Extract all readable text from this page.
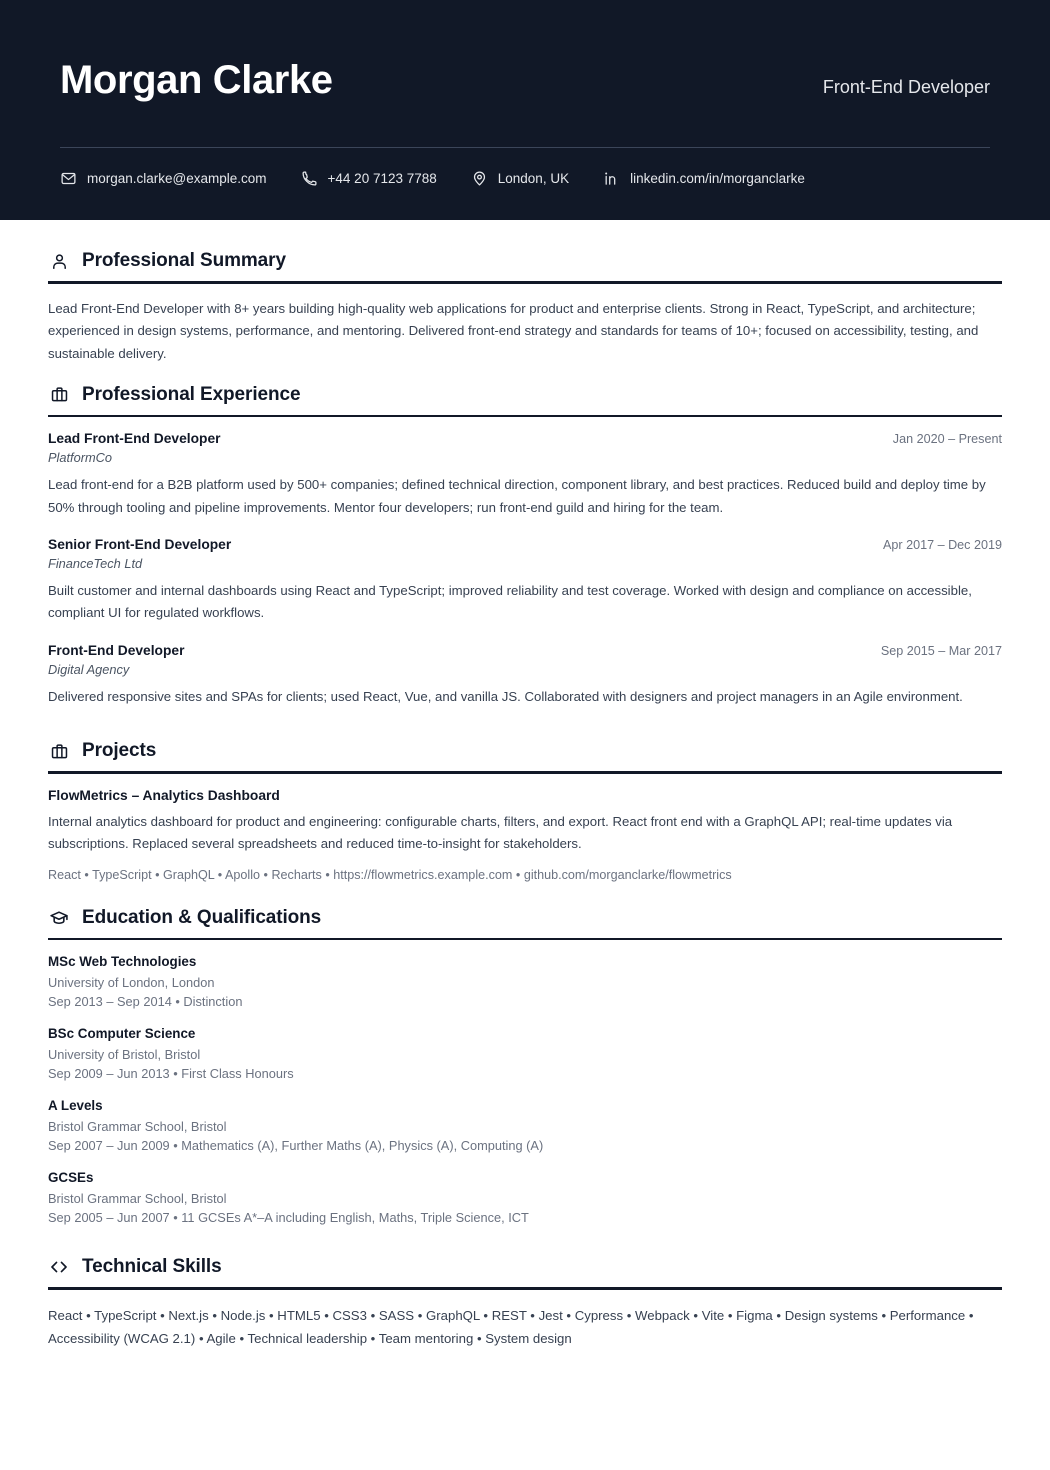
Morgan Clarke	Front-End Developer
morgan.clarke@example.com	+44 20 7123 7788	London, UK	linkedin.com/in/morganclarke
Professional Summary
Lead Front-End Developer with 8+ years building high-quality web applications for product and enterprise clients. Strong in React, TypeScript, and architecture; experienced in design systems, performance, and mentoring. Delivered front-end strategy and standards for teams of 10+; focused on accessibility, testing, and sustainable delivery.
Professional Experience
Lead Front-End Developer	Jan 2020 – Present
PlatformCo
Lead front-end for a B2B platform used by 500+ companies; defined technical direction, component library, and best practices. Reduced build and deploy time by 50% through tooling and pipeline improvements. Mentor four developers; run front-end guild and hiring for the team.
Senior Front-End Developer	Apr 2017 – Dec 2019
FinanceTech Ltd
Built customer and internal dashboards using React and TypeScript; improved reliability and test coverage. Worked with design and compliance on accessible, compliant UI for regulated workflows.
Front-End Developer	Sep 2015 – Mar 2017
Digital Agency
Delivered responsive sites and SPAs for clients; used React, Vue, and vanilla JS. Collaborated with designers and project managers in an Agile environment.
Projects
FlowMetrics – Analytics Dashboard
Internal analytics dashboard for product and engineering: configurable charts, filters, and export. React front end with a GraphQL API; real-time updates via subscriptions. Replaced several spreadsheets and reduced time-to-insight for stakeholders.
React • TypeScript • GraphQL • Apollo • Recharts • https://flowmetrics.example.com • github.com/morganclarke/flowmetrics
Education & Qualifications
MSc Web Technologies
University of London, London
Sep 2013 – Sep 2014 • Distinction
BSc Computer Science
University of Bristol, Bristol
Sep 2009 – Jun 2013 • First Class Honours
A Levels
Bristol Grammar School, Bristol
Sep 2007 – Jun 2009 • Mathematics (A), Further Maths (A), Physics (A), Computing (A)
GCSEs
Bristol Grammar School, Bristol
Sep 2005 – Jun 2007 • 11 GCSEs A*–A including English, Maths, Triple Science, ICT
Technical Skills
React • TypeScript • Next.js • Node.js • HTML5 • CSS3 • SASS • GraphQL • REST • Jest • Cypress • Webpack • Vite • Figma • Design systems • Performance • Accessibility (WCAG 2.1) • Agile • Technical leadership • Team mentoring • System design
